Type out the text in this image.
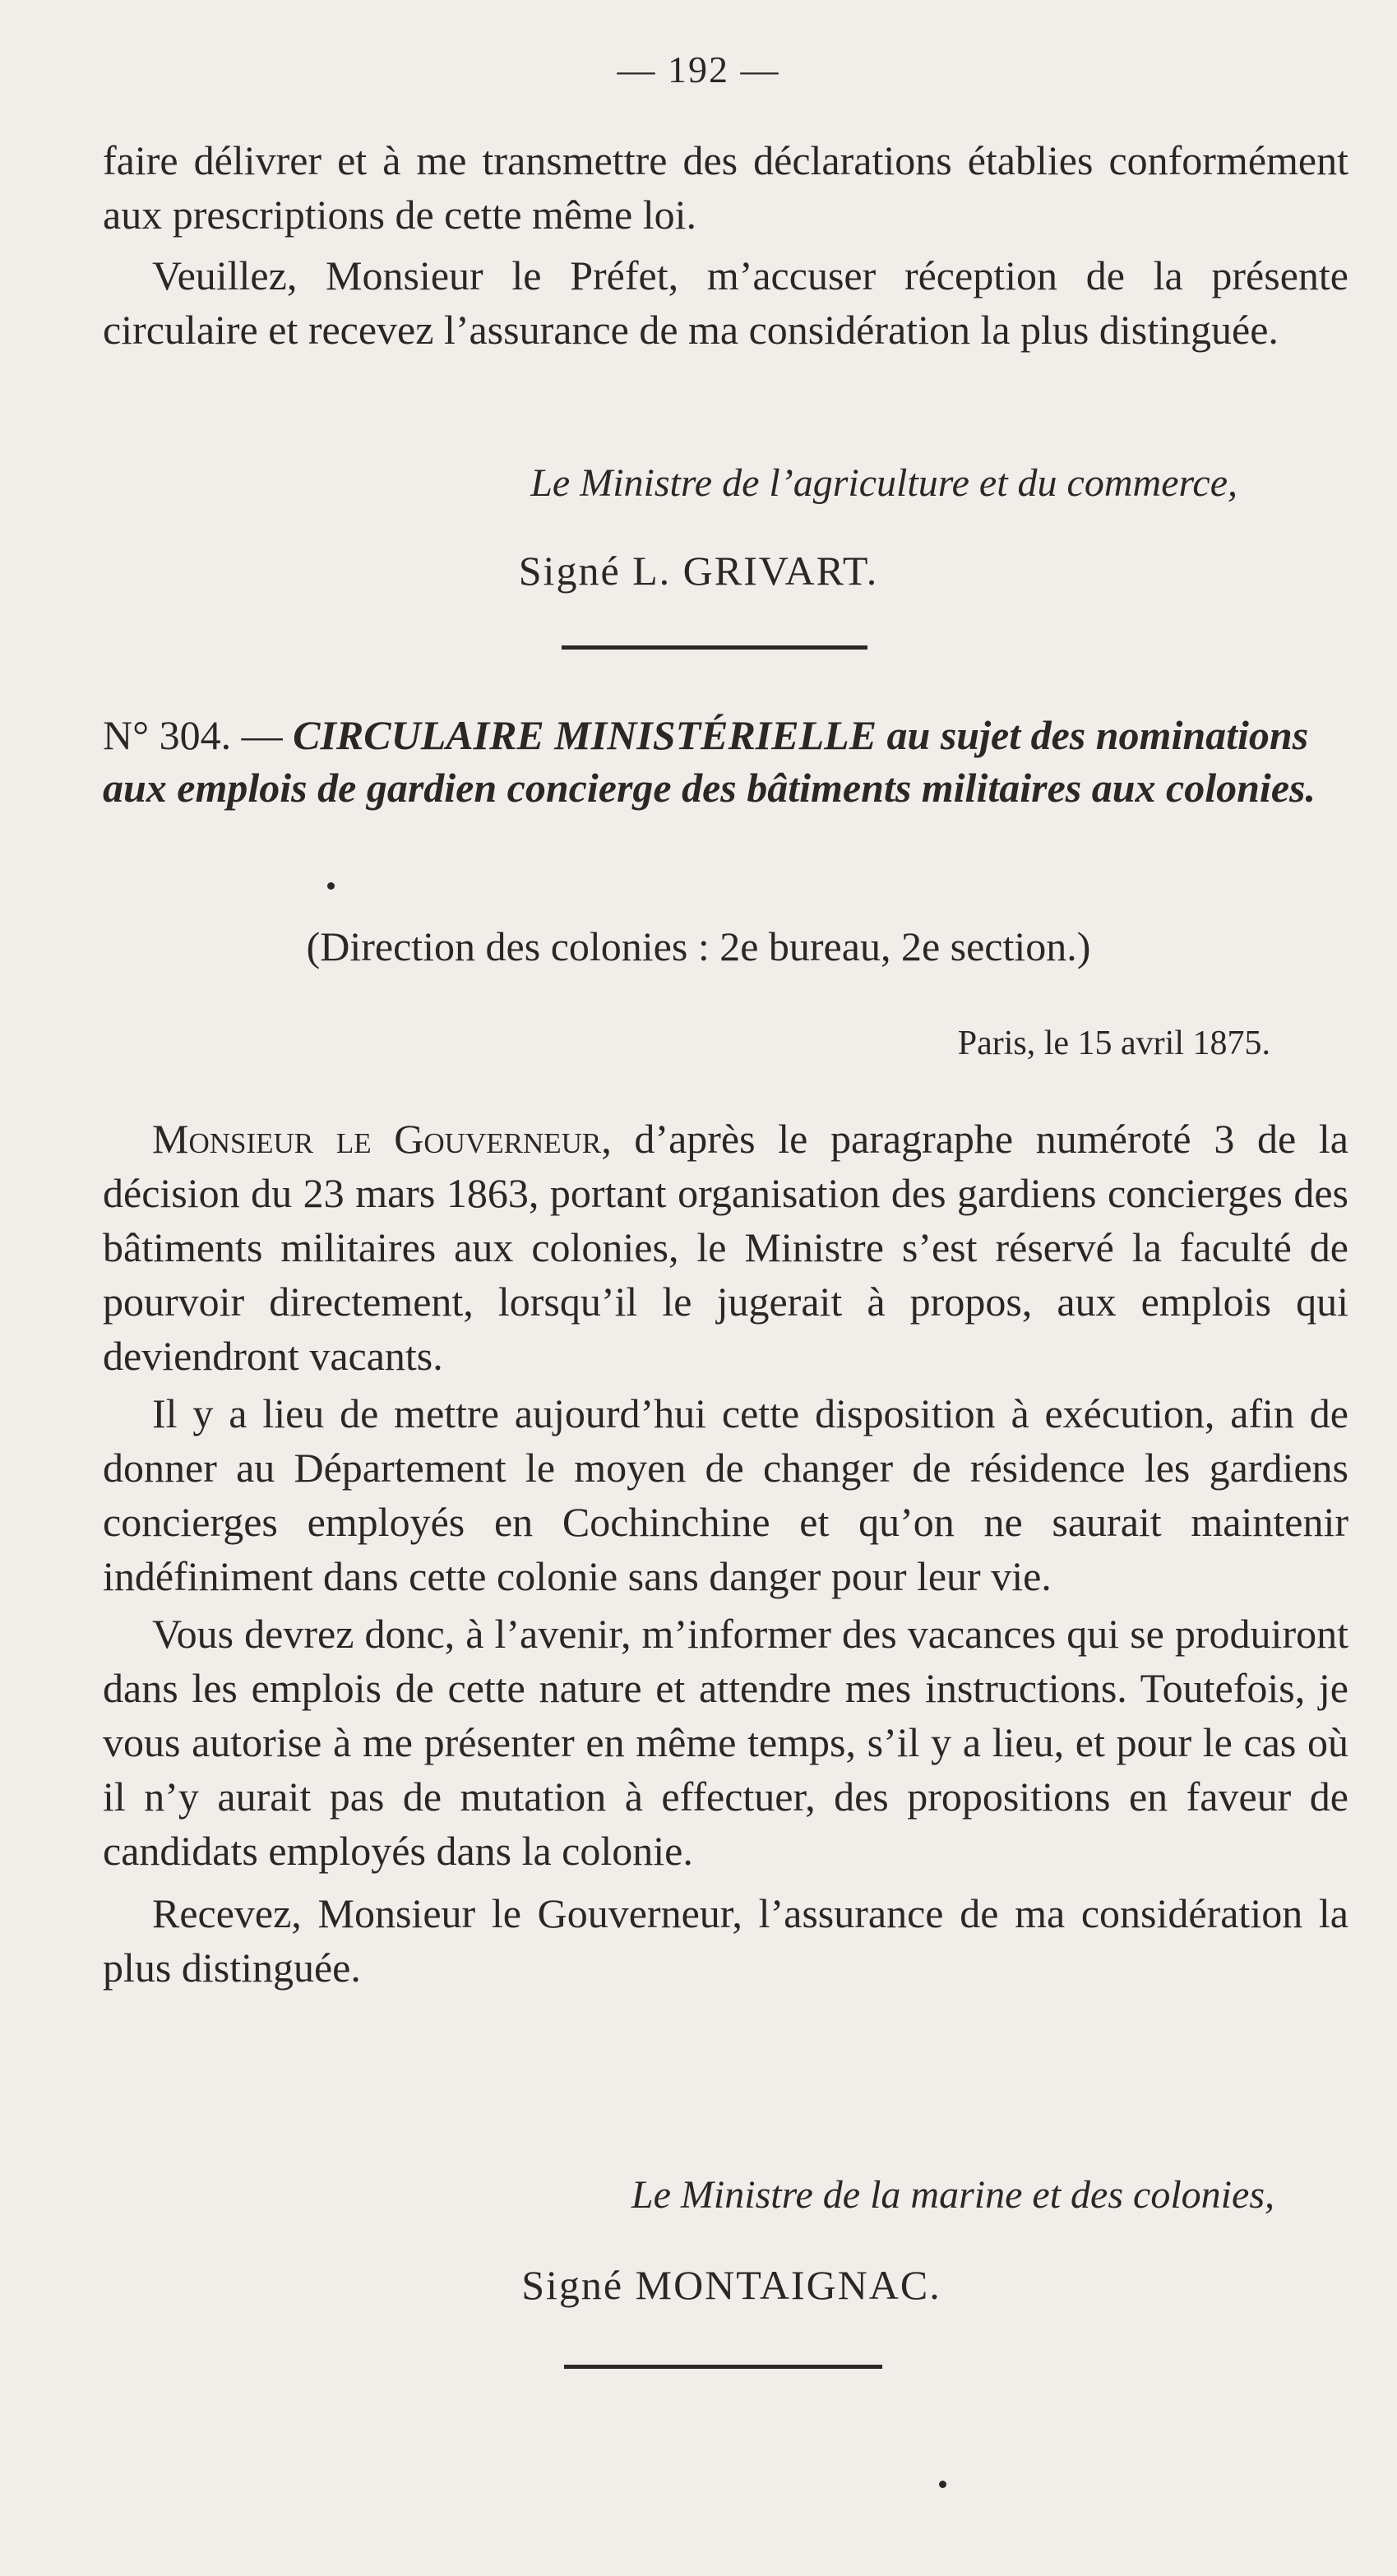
— 192 —

faire délivrer et à me transmettre des déclarations établies conformément aux prescriptions de cette même loi.

Veuillez, Monsieur le Préfet, m’accuser réception de la présente circulaire et recevez l’assurance de ma considération la plus distinguée.

Le Ministre de l’agriculture et du commerce,
Signé L. GRIVART.
N° 304. — CIRCULAIRE MINISTÉRIELLE au sujet des nominations aux emplois de gardien concierge des bâtiments militaires aux colonies.
(Direction des colonies : 2e bureau, 2e section.)
Paris, le 15 avril 1875.

Monsieur le Gouverneur, d’après le paragraphe numéroté 3 de la décision du 23 mars 1863, portant organisation des gardiens concierges des bâtiments militaires aux colonies, le Ministre s’est réservé la faculté de pourvoir directement, lorsqu’il le jugerait à propos, aux emplois qui deviendront vacants.

Il y a lieu de mettre aujourd’hui cette disposition à exécution, afin de donner au Département le moyen de changer de résidence les gardiens concierges employés en Cochinchine et qu’on ne saurait maintenir indéfiniment dans cette colonie sans danger pour leur vie.

Vous devrez donc, à l’avenir, m’informer des vacances qui se produiront dans les emplois de cette nature et attendre mes instructions. Toutefois, je vous autorise à me présenter en même temps, s’il y a lieu, et pour le cas où il n’y aurait pas de mutation à effectuer, des propositions en faveur de candidats employés dans la colonie.

Recevez, Monsieur le Gouverneur, l’assurance de ma considération la plus distinguée.

Le Ministre de la marine et des colonies,
Signé MONTAIGNAC.
